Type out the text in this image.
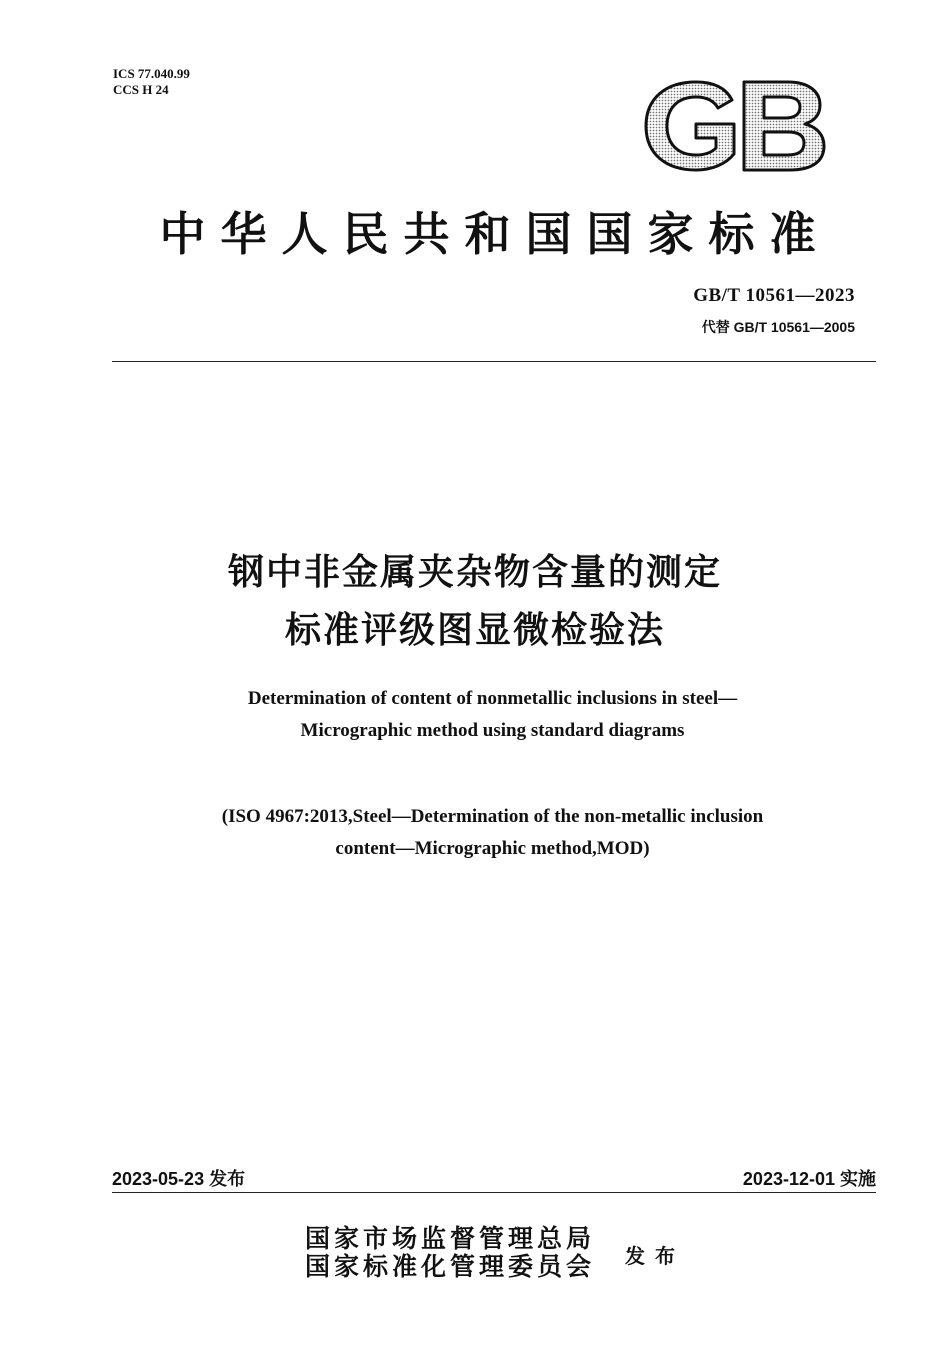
ICS 77.040.99
CCS H 24
中华人民共和国国家标准
GB/T 10561—2023
代替 GB/T 10561—2005
钢中非金属夹杂物含量的测定
标准评级图显微检验法
Determination of content of nonmetallic inclusions in steel—
Micrographic method using standard diagrams
(ISO 4967:2013,Steel—Determination of the non-metallic inclusion
content—Micrographic method,MOD)
2023-05-23 发布	2023-12-01 实施
国家市场监督管理总局
国家标准化管理委员会 发布
